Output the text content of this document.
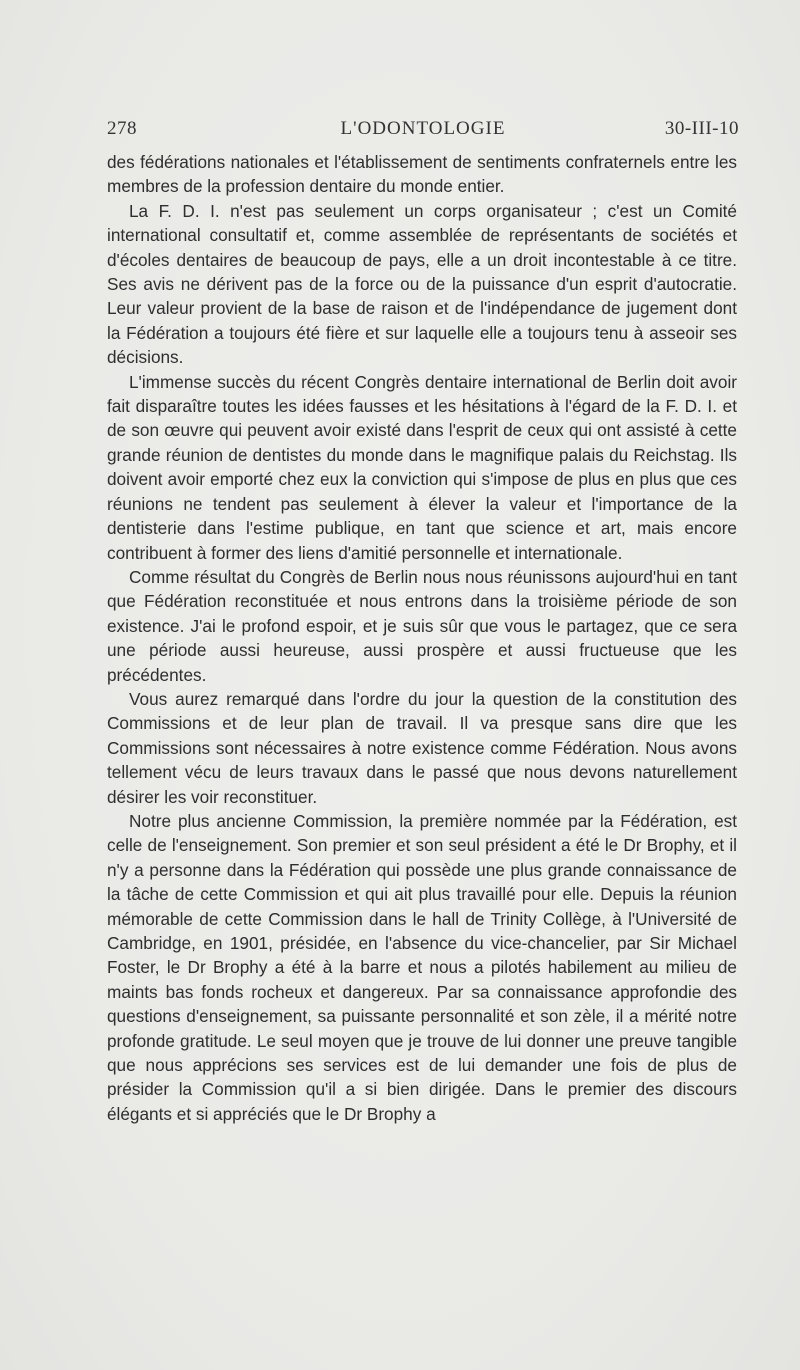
278	L'ODONTOLOGIE	30-III-10

des fédérations nationales et l'établissement de sentiments confraternels entre les membres de la profession dentaire du monde entier.

La F. D. I. n'est pas seulement un corps organisateur ; c'est un Comité international consultatif et, comme assemblée de représentants de sociétés et d'écoles dentaires de beaucoup de pays, elle a un droit incontestable à ce titre. Ses avis ne dérivent pas de la force ou de la puissance d'un esprit d'autocratie. Leur valeur provient de la base de raison et de l'indépendance de jugement dont la Fédération a toujours été fière et sur laquelle elle a toujours tenu à asseoir ses décisions.

L'immense succès du récent Congrès dentaire international de Berlin doit avoir fait disparaître toutes les idées fausses et les hésitations à l'égard de la F. D. I. et de son œuvre qui peuvent avoir existé dans l'esprit de ceux qui ont assisté à cette grande réunion de dentistes du monde dans le magnifique palais du Reichstag. Ils doivent avoir emporté chez eux la conviction qui s'impose de plus en plus que ces réunions ne tendent pas seulement à élever la valeur et l'importance de la dentisterie dans l'estime publique, en tant que science et art, mais encore contribuent à former des liens d'amitié personnelle et internationale.

Comme résultat du Congrès de Berlin nous nous réunissons aujourd'hui en tant que Fédération reconstituée et nous entrons dans la troisième période de son existence. J'ai le profond espoir, et je suis sûr que vous le partagez, que ce sera une période aussi heureuse, aussi prospère et aussi fructueuse que les précédentes.

Vous aurez remarqué dans l'ordre du jour la question de la constitution des Commissions et de leur plan de travail. Il va presque sans dire que les Commissions sont nécessaires à notre existence comme Fédération. Nous avons tellement vécu de leurs travaux dans le passé que nous devons naturellement désirer les voir reconstituer.

Notre plus ancienne Commission, la première nommée par la Fédération, est celle de l'enseignement. Son premier et son seul président a été le Dr Brophy, et il n'y a personne dans la Fédération qui possède une plus grande connaissance de la tâche de cette Commission et qui ait plus travaillé pour elle. Depuis la réunion mémorable de cette Commission dans le hall de Trinity Collège, à l'Université de Cambridge, en 1901, présidée, en l'absence du vice-chancelier, par Sir Michael Foster, le Dr Brophy a été à la barre et nous a pilotés habilement au milieu de maints bas fonds rocheux et dangereux. Par sa connaissance approfondie des questions d'enseignement, sa puissante personnalité et son zèle, il a mérité notre profonde gratitude. Le seul moyen que je trouve de lui donner une preuve tangible que nous apprécions ses services est de lui demander une fois de plus de présider la Commission qu'il a si bien dirigée. Dans le premier des discours élégants et si appréciés que le Dr Brophy a
